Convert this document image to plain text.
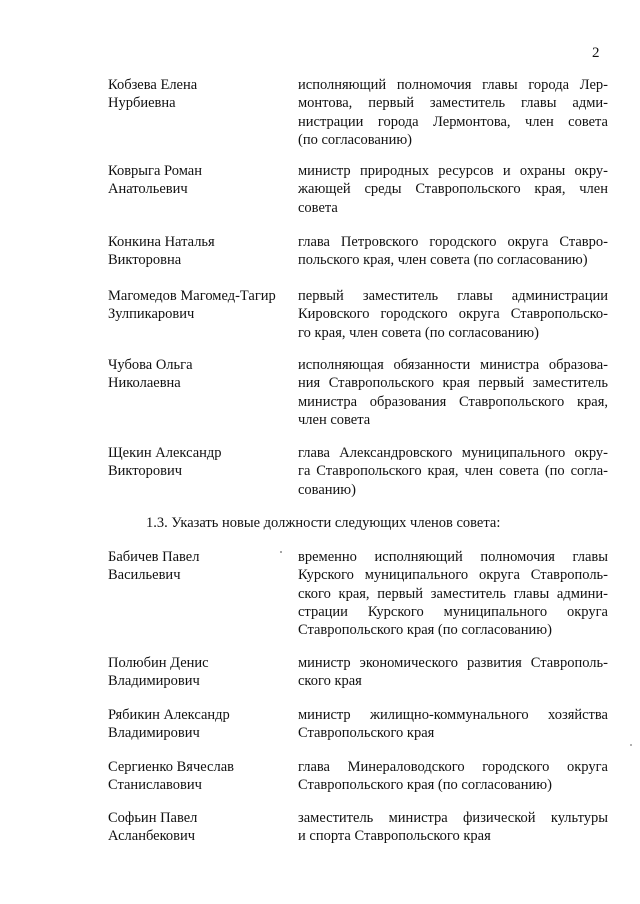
2
Кобзева Елена
Нурбиевна
исполняющий полномочия главы города Лер-
монтова, первый заместитель главы адми-
нистрации города Лермонтова, член совета
(по согласованию)
Коврыга Роман
Анатольевич
министр природных ресурсов и охраны окру-
жающей среды Ставропольского края, член
совета
Конкина Наталья
Викторовна
глава Петровского городского округа Ставро-
польского края, член совета (по согласованию)
Магомедов Магомед-Тагир
Зулпикарович
первый заместитель главы администрации
Кировского городского округа Ставропольско-
го края, член совета (по согласованию)
Чубова Ольга
Николаевна
исполняющая обязанности министра образова-
ния Ставропольского края первый заместитель
министра образования Ставропольского края,
член совета
Щекин Александр
Викторович
глава Александровского муниципального окру-
га Ставропольского края, член совета (по согла-
сованию)
1.3. Указать новые должности следующих членов совета:
Бабичев Павел
Васильевич
временно исполняющий полномочия главы
Курского муниципального округа Ставрополь-
ского края, первый заместитель главы админи-
страции Курского муниципального округа
Ставропольского края (по согласованию)
Полюбин Денис
Владимирович
министр экономического развития Ставрополь-
ского края
Рябикин Александр
Владимирович
министр жилищно-коммунального хозяйства
Ставропольского края
Сергиенко Вячеслав
Станиславович
глава Минераловодского городского округа
Ставропольского края (по согласованию)
Софьин Павел
Асланбекович
заместитель министра физической культуры
и спорта Ставропольского края
